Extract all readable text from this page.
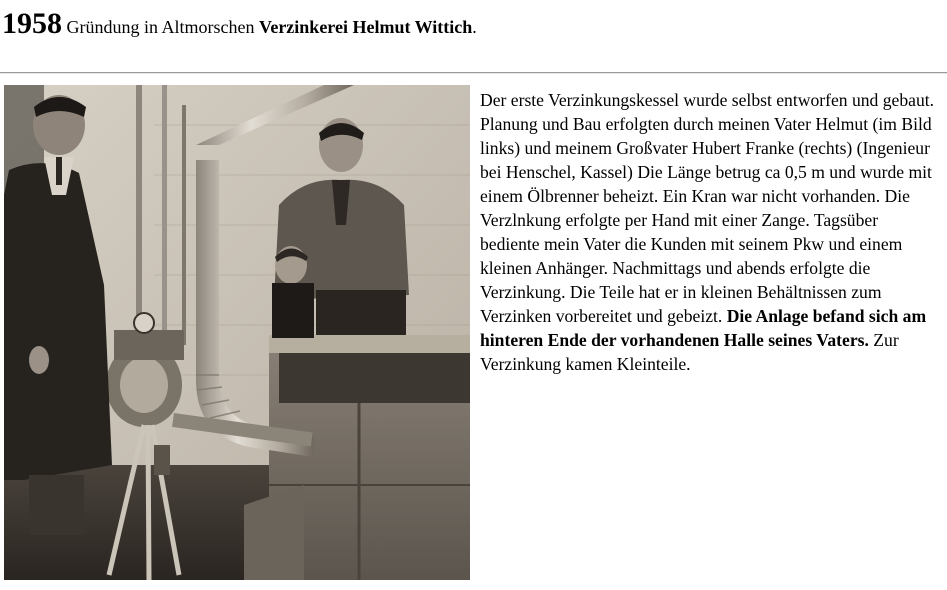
1958 Gründung in Altmorschen Verzinkerei Helmut Wittich.

Der erste Verzinkungskessel wurde selbst entworfen und gebaut. Planung und Bau erfolgten durch meinen Vater Helmut (im Bild links) und meinem Großvater Hubert Franke (rechts) (Ingenieur bei Henschel, Kassel) Die Länge betrug ca 0,5 m und wurde mit einem Ölbrenner beheizt. Ein Kran war nicht vorhanden. Die Verzlnkung erfolgte per Hand mit einer Zange. Tagsüber bediente mein Vater die Kunden mit seinem Pkw und einem kleinen Anhänger. Nachmittags und abends erfolgte die Verzinkung. Die Teile hat er in kleinen Behältnissen zum Verzinken vorbereitet und gebeizt. Die Anlage befand sich am hinteren Ende der vorhandenen Halle seines Vaters. Zur Verzinkung kamen Kleinteile.
